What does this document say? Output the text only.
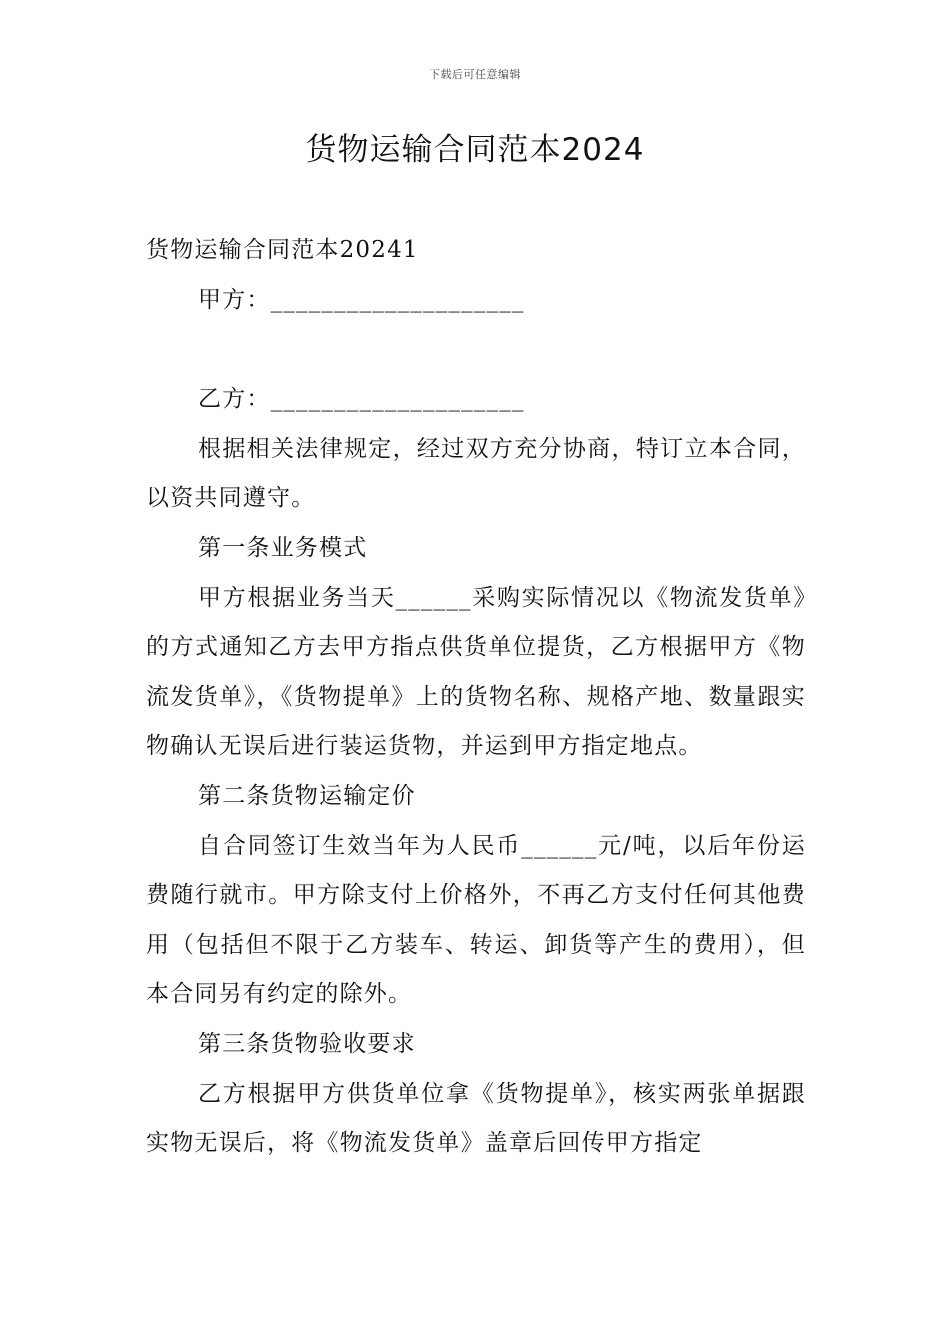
下载后可任意编辑
货物运输合同范本2024

货物运输合同范本20241

甲方：____________________

乙方：____________________

根据相关法律规定，经过双方充分协商，特订立本合同，以资共同遵守。

第一条业务模式

甲方根据业务当天______采购实际情况以《物流发货单》的方式通知乙方去甲方指点供货单位提货，乙方根据甲方《物流发货单》，《货物提单》上的货物名称、规格产地、数量跟实物确认无误后进行装运货物，并运到甲方指定地点。

第二条货物运输定价

自合同签订生效当年为人民币______元/吨，以后年份运费随行就市。甲方除支付上价格外，不再乙方支付任何其他费用（包括但不限于乙方装车、转运、卸货等产生的费用），但本合同另有约定的除外。

第三条货物验收要求

乙方根据甲方供货单位拿《货物提单》，核实两张单据跟实物无误后，将《物流发货单》盖章后回传甲方指定
